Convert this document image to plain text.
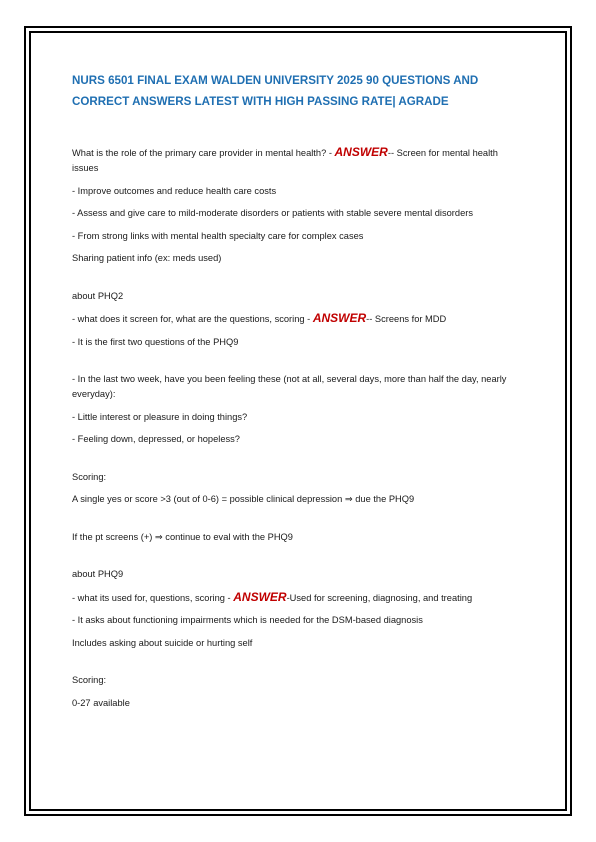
NURS 6501 FINAL EXAM WALDEN UNIVERSITY 2025 90 QUESTIONS AND CORRECT ANSWERS LATEST WITH HIGH PASSING RATE| AGRADE

What is the role of the primary care provider in mental health? - ANSWER-- Screen for mental health issues

- Improve outcomes and reduce health care costs

- Assess and give care to mild-moderate disorders or patients with stable severe mental disorders

- From strong links with mental health specialty care for complex cases

Sharing patient info (ex: meds used)

about PHQ2

- what does it screen for, what are the questions, scoring - ANSWER-- Screens for MDD

- It is the first two questions of the PHQ9

- In the last two week, have you been feeling these (not at all, several days, more than half the day, nearly everyday):

- Little interest or pleasure in doing things?

- Feeling down, depressed, or hopeless?

Scoring:

A single yes or score >3 (out of 0-6) = possible clinical depression ⇒ due the PHQ9

If the pt screens (+) ⇒ continue to eval with the PHQ9

about PHQ9

- what its used for, questions, scoring - ANSWER-Used for screening, diagnosing, and treating

- It asks about functioning impairments which is needed for the DSM-based diagnosis

Includes asking about suicide or hurting self

Scoring:

0-27 available
